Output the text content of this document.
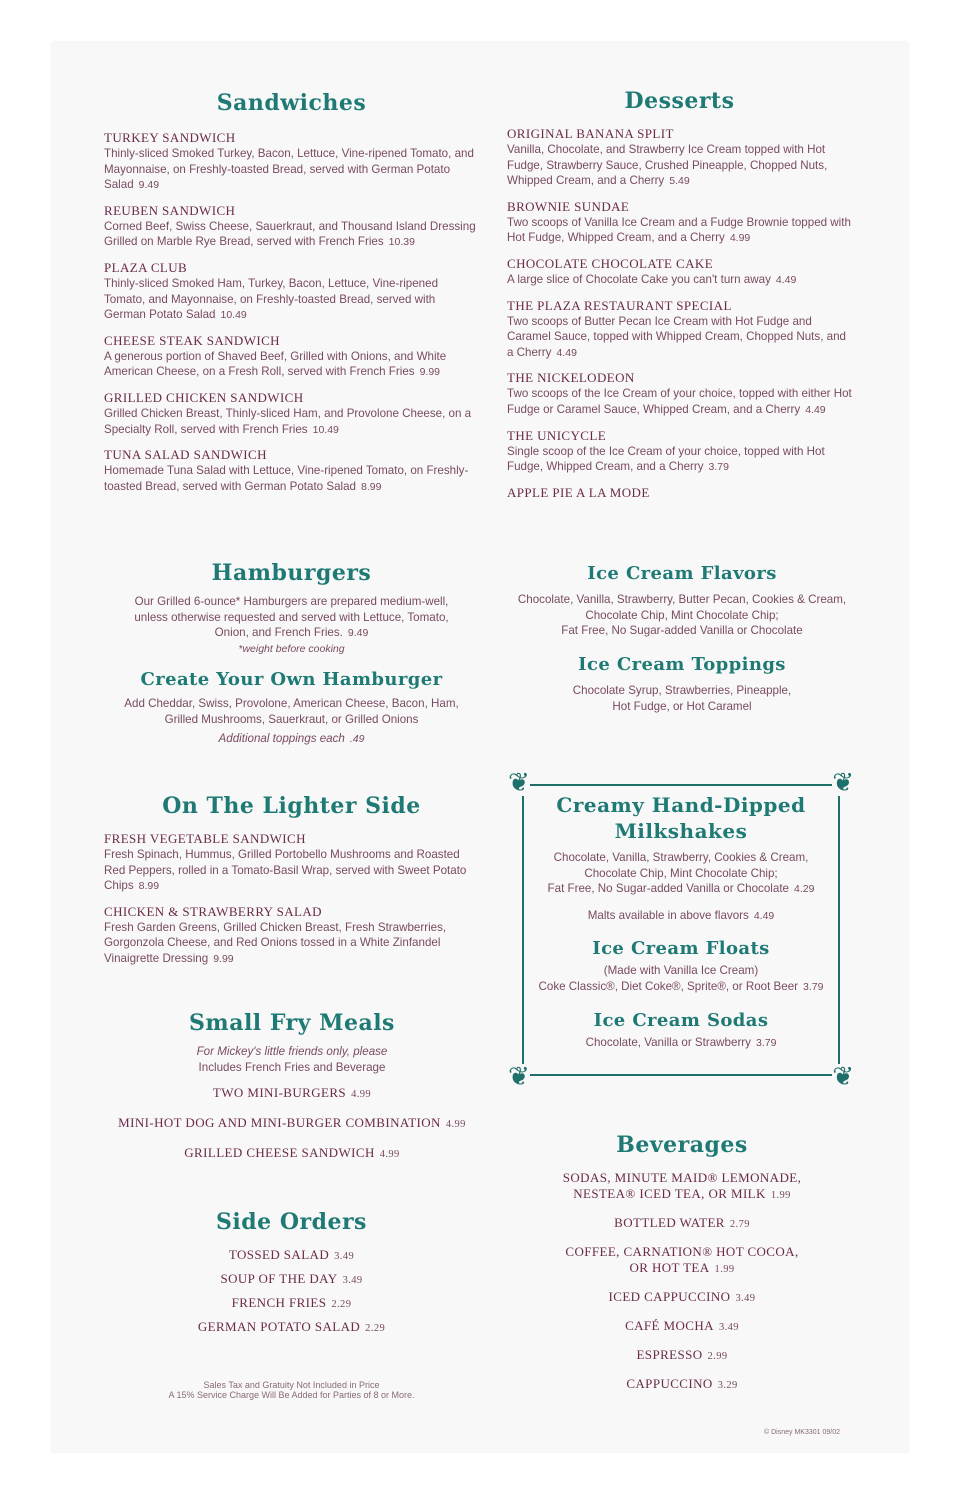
Sandwiches
TURKEY SANDWICH
Thinly-sliced Smoked Turkey, Bacon, Lettuce, Vine-ripened Tomato, and Mayonnaise, on Freshly-toasted Bread, served with German Potato Salad 9.49
REUBEN SANDWICH
Corned Beef, Swiss Cheese, Sauerkraut, and Thousand Island Dressing Grilled on Marble Rye Bread, served with French Fries 10.39
PLAZA CLUB
Thinly-sliced Smoked Ham, Turkey, Bacon, Lettuce, Vine-ripened Tomato, and Mayonnaise, on Freshly-toasted Bread, served with German Potato Salad 10.49
CHEESE STEAK SANDWICH
A generous portion of Shaved Beef, Grilled with Onions, and White American Cheese, on a Fresh Roll, served with French Fries 9.99
GRILLED CHICKEN SANDWICH
Grilled Chicken Breast, Thinly-sliced Ham, and Provolone Cheese, on a Specialty Roll, served with French Fries 10.49
TUNA SALAD SANDWICH
Homemade Tuna Salad with Lettuce, Vine-ripened Tomato, on Freshly-toasted Bread, served with German Potato Salad 8.99
Hamburgers
Our Grilled 6-ounce* Hamburgers are prepared medium-well, unless otherwise requested and served with Lettuce, Tomato, Onion, and French Fries. 9.49
*weight before cooking
Create Your Own Hamburger
Add Cheddar, Swiss, Provolone, American Cheese, Bacon, Ham, Grilled Mushrooms, Sauerkraut, or Grilled Onions
Additional toppings each .49
On The Lighter Side
FRESH VEGETABLE SANDWICH
Fresh Spinach, Hummus, Grilled Portobello Mushrooms and Roasted Red Peppers, rolled in a Tomato-Basil Wrap, served with Sweet Potato Chips 8.99
CHICKEN & STRAWBERRY SALAD
Fresh Garden Greens, Grilled Chicken Breast, Fresh Strawberries, Gorgonzola Cheese, and Red Onions tossed in a White Zinfandel Vinaigrette Dressing 9.99
Small Fry Meals
For Mickey's little friends only, please
Includes French Fries and Beverage
TWO MINI-BURGERS 4.99
MINI-HOT DOG AND MINI-BURGER COMBINATION 4.99
GRILLED CHEESE SANDWICH 4.99
Side Orders
TOSSED SALAD 3.49
SOUP OF THE DAY 3.49
FRENCH FRIES 2.29
GERMAN POTATO SALAD 2.29
Sales Tax and Gratuity Not Included in Price
A 15% Service Charge Will Be Added for Parties of 8 or More.
Desserts
ORIGINAL BANANA SPLIT
Vanilla, Chocolate, and Strawberry Ice Cream topped with Hot Fudge, Strawberry Sauce, Crushed Pineapple, Chopped Nuts, Whipped Cream, and a Cherry 5.49
BROWNIE SUNDAE
Two scoops of Vanilla Ice Cream and a Fudge Brownie topped with Hot Fudge, Whipped Cream, and a Cherry 4.99
CHOCOLATE CHOCOLATE CAKE
A large slice of Chocolate Cake you can't turn away 4.49
THE PLAZA RESTAURANT SPECIAL
Two scoops of Butter Pecan Ice Cream with Hot Fudge and Caramel Sauce, topped with Whipped Cream, Chopped Nuts, and a Cherry 4.49
THE NICKELODEON
Two scoops of the Ice Cream of your choice, topped with either Hot Fudge or Caramel Sauce, Whipped Cream, and a Cherry 4.49
THE UNICYCLE
Single scoop of the Ice Cream of your choice, topped with Hot Fudge, Whipped Cream, and a Cherry 3.79
APPLE PIE A LA MODE
Ice Cream Flavors
Chocolate, Vanilla, Strawberry, Butter Pecan, Cookies & Cream,
Chocolate Chip, Mint Chocolate Chip;
Fat Free, No Sugar-added Vanilla or Chocolate
Ice Cream Toppings
Chocolate Syrup, Strawberries, Pineapple,
Hot Fudge, or Hot Caramel
❦	❦
❦	❦
Creamy Hand-Dipped
Milkshakes
Chocolate, Vanilla, Strawberry, Cookies & Cream,
Chocolate Chip, Mint Chocolate Chip;
Fat Free, No Sugar-added Vanilla or Chocolate 4.29
Malts available in above flavors 4.49
Ice Cream Floats
(Made with Vanilla Ice Cream)
Coke Classic®, Diet Coke®, Sprite®, or Root Beer 3.79
Ice Cream Sodas
Chocolate, Vanilla or Strawberry 3.79
Beverages
SODAS, MINUTE MAID® LEMONADE,
NESTEA® ICED TEA, OR MILK 1.99
BOTTLED WATER 2.79
COFFEE, CARNATION® HOT COCOA,
OR HOT TEA 1.99
ICED CAPPUCCINO 3.49
CAFÉ MOCHA 3.49
ESPRESSO 2.99
CAPPUCCINO 3.29
© Disney MK3301 09/02
